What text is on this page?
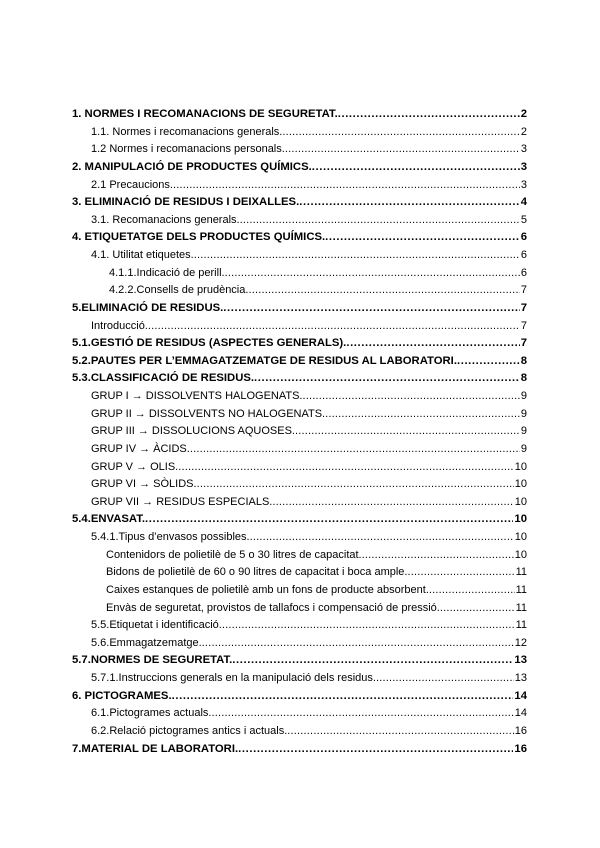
1. NORMES I RECOMANACIONS DE SEGURETAT. .....	2
1.1. Normes i recomanacions generals. .....	2
1.2 Normes i recomanacions personals. .....	3
2. MANIPULACIÓ DE PRODUCTES QUÍMICS. .....	3
2.1 Precaucions. .....	3
3. ELIMINACIÓ DE RESIDUS I DEIXALLES. .....	4
3.1. Recomanacions generals. .....	5
4. ETIQUETATGE DELS PRODUCTES QUÍMICS. .....	6
4.1. Utilitat etiquetes. .....	6
4.1.1.Indicació de perill. .....	6
4.2.2.Consells de prudència. .....	7
5.ELIMINACIÓ DE RESIDUS. .....	7
Introducció. .....	7
5.1.GESTIÓ DE RESIDUS (ASPECTES GENERALS). .....	7
5.2.PAUTES PER L’EMMAGATZEMATGE DE RESIDUS AL LABORATORI. .....	8
5.3.CLASSIFICACIÓ DE RESIDUS. .....	8
GRUP I → DISSOLVENTS HALOGENATS. .....	9
GRUP II → DISSOLVENTS NO HALOGENATS. .....	9
GRUP III → DISSOLUCIONS AQUOSES. .....	9
GRUP IV → ÀCIDS. .....	9
GRUP V → OLIS. .....	10
GRUP VI → SÒLIDS. .....	10
GRUP VII → RESIDUS ESPECIALS. .....	10
5.4.ENVASAT. .....	10
5.4.1.Tipus d’envasos possibles. .....	10
Contenidors de polietilè de 5 o 30 litres de capacitat. .....	10
Bidons de polietilè de 60 o 90 litres de capacitat i boca ample. .....	11
Caixes estanques de polietilè amb un fons de producte absorbent. .....	11
Envàs de seguretat, provistos de tallafocs i compensació de pressió. .....	11
5.5.Etiquetat i identificació. .....	11
5.6.Emmagatzematge. .....	12
5.7.NORMES DE SEGURETAT. .....	13
5.7.1.Instruccions generals en la manipulació dels residus. .....	13
6. PICTOGRAMES. .....	14
6.1.Pictogrames actuals. .....	14
6.2.Relació pictogrames antics i actuals. .....	16
7.MATERIAL DE LABORATORI. .....	16
